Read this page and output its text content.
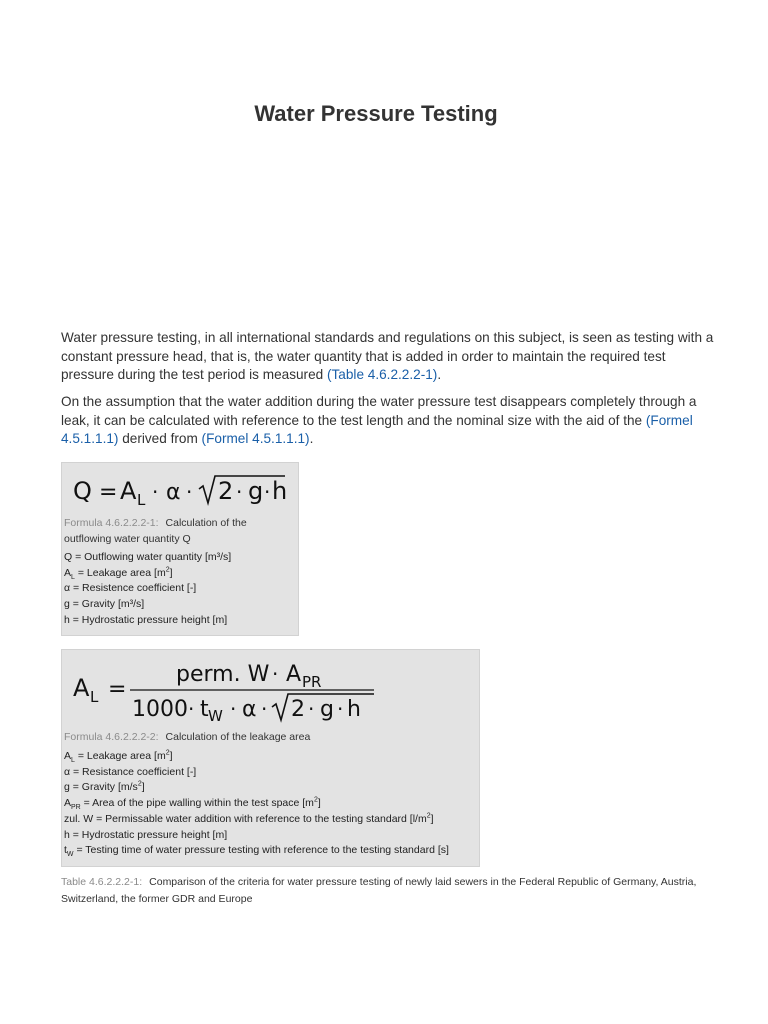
Water Pressure Testing

Water pressure testing, in all international standards and regulations on this subject, is seen as testing with a constant pressure head, that is, the water quantity that is added in order to maintain the required test pressure during the test period is measured (Table 4.6.2.2.2-1).

On the assumption that the water addition during the water pressure test disappears completely through a leak, it can be calculated with reference to the test length and the nominal size with the aid of the (Formel 4.5.1.1.1) derived from (Formel 4.5.1.1.1).

Q = A L · α · 2 · g · h
Formula 4.6.2.2.2-1: Calculation of the outflowing water quantity Q
Q = Outflowing water quantity [m³/s]
$A_L$ = Leakage area $[m^2]$
α = Resistence coefficient [-]
g = Gravity [m³/s]
h = Hydrostatic pressure height [m]
A L =
perm. W · A PR
1000 · t W · α · 2 · g · h
Formula 4.6.2.2.2-2: Calculation of the leakage area
$A_L$ = Leakage area $[m^2]$
α = Resistance coefficient [-]
g = Gravity $[m/s^2]$
$A_{PR}$ = Area of the pipe walling within the test space $[m^2]$
zul. W = Permissable water addition with reference to the testing standard $[l/m^2]$
h = Hydrostatic pressure height [m]
$t_W$ = Testing time of water pressure testing with reference to the testing standard [s]
Table 4.6.2.2.2-1: Comparison of the criteria for water pressure testing of newly laid sewers in the Federal Republic of Germany, Austria, Switzerland, the former GDR and Europe
